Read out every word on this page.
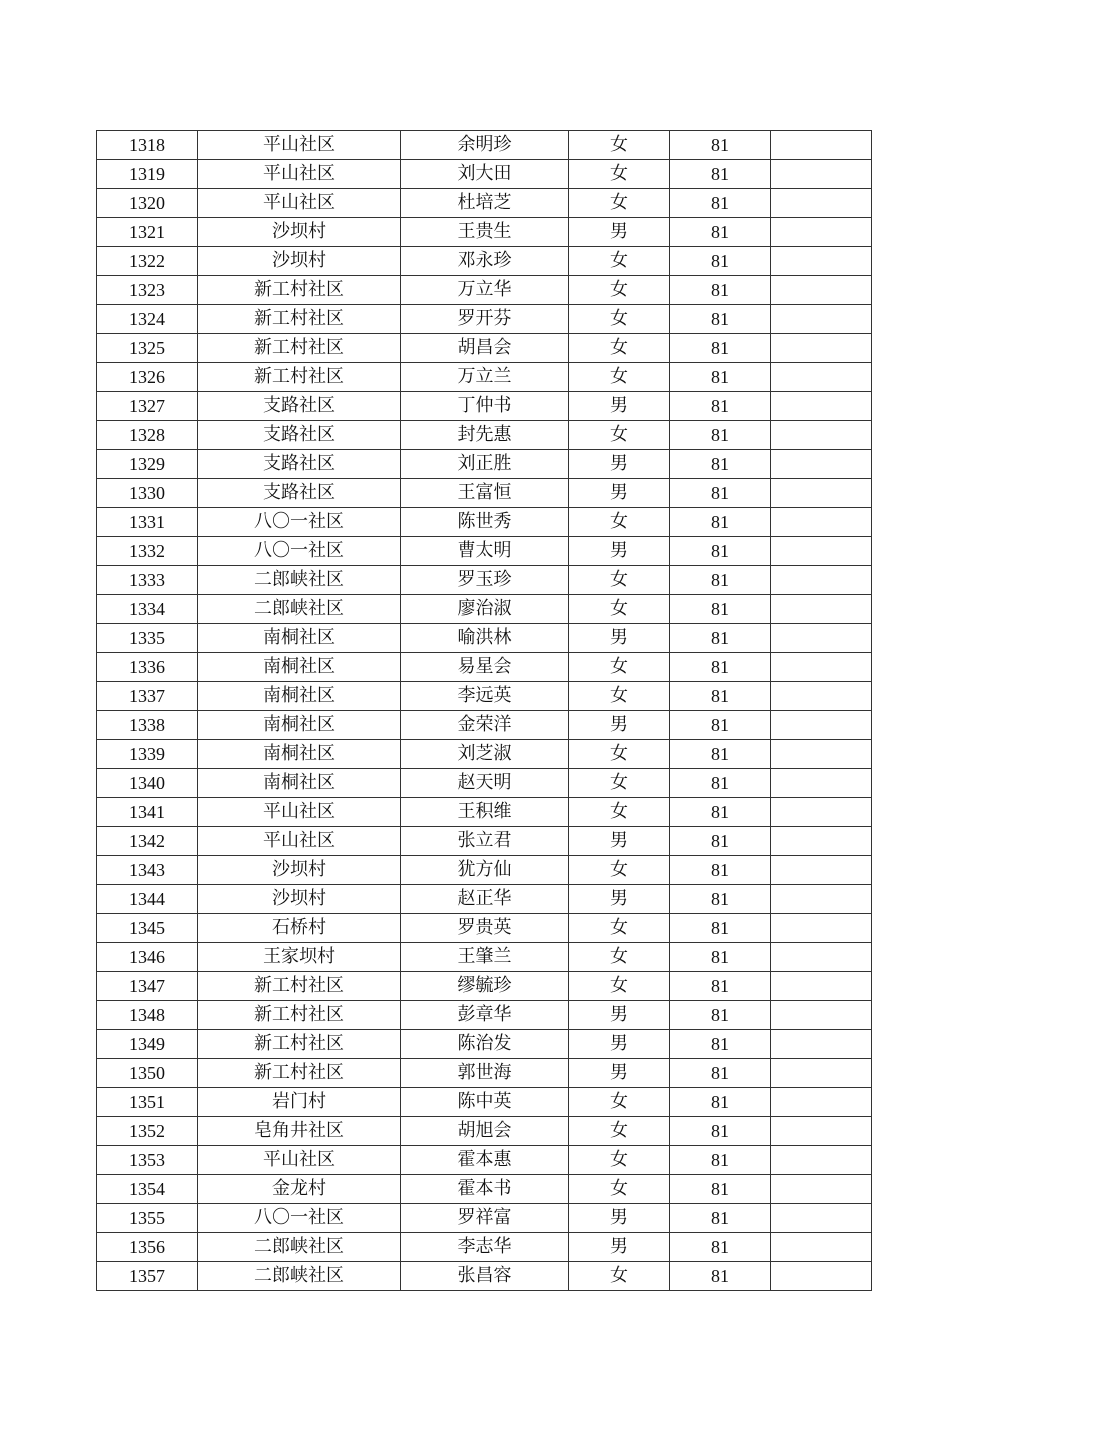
1318	平山社区	余明珍	女	81	
1319	平山社区	刘大田	女	81	
1320	平山社区	杜培芝	女	81	
1321	沙坝村	王贵生	男	81	
1322	沙坝村	邓永珍	女	81	
1323	新工村社区	万立华	女	81	
1324	新工村社区	罗开芬	女	81	
1325	新工村社区	胡昌会	女	81	
1326	新工村社区	万立兰	女	81	
1327	支路社区	丁仲书	男	81	
1328	支路社区	封先惠	女	81	
1329	支路社区	刘正胜	男	81	
1330	支路社区	王富恒	男	81	
1331	八〇一社区	陈世秀	女	81	
1332	八〇一社区	曹太明	男	81	
1333	二郎峡社区	罗玉珍	女	81	
1334	二郎峡社区	廖治淑	女	81	
1335	南桐社区	喻洪林	男	81	
1336	南桐社区	易星会	女	81	
1337	南桐社区	李远英	女	81	
1338	南桐社区	金荣洋	男	81	
1339	南桐社区	刘芝淑	女	81	
1340	南桐社区	赵天明	女	81	
1341	平山社区	王积维	女	81	
1342	平山社区	张立君	男	81	
1343	沙坝村	犹方仙	女	81	
1344	沙坝村	赵正华	男	81	
1345	石桥村	罗贵英	女	81	
1346	王家坝村	王肇兰	女	81	
1347	新工村社区	缪毓珍	女	81	
1348	新工村社区	彭章华	男	81	
1349	新工村社区	陈治发	男	81	
1350	新工村社区	郭世海	男	81	
1351	岩门村	陈中英	女	81	
1352	皂角井社区	胡旭会	女	81	
1353	平山社区	霍本惠	女	81	
1354	金龙村	霍本书	女	81	
1355	八〇一社区	罗祥富	男	81	
1356	二郎峡社区	李志华	男	81	
1357	二郎峡社区	张昌容	女	81	
